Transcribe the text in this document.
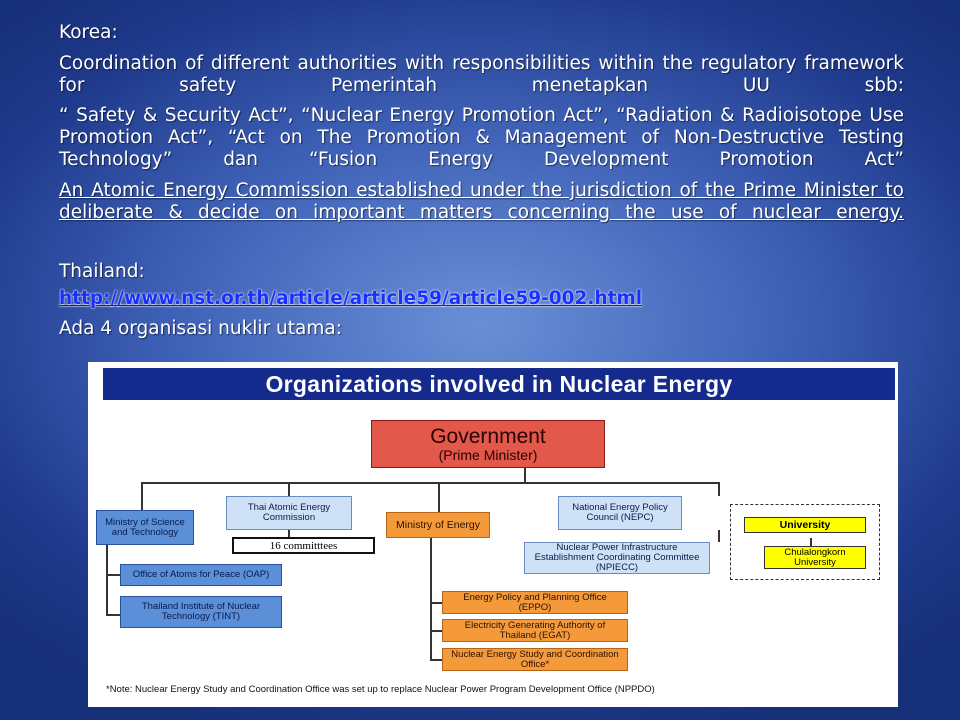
Korea:
Coordination of different authorities with responsibilities within the regulatory framework for safety Pemerintah menetapkan UU sbb:
“ Safety & Security Act”, “Nuclear Energy Promotion Act”, “Radiation & Radioisotope Use Promotion Act”, “Act on The Promotion & Management of Non-Destructive Testing Technology” dan “Fusion Energy Development Promotion Act”
An Atomic Energy Commission established under the jurisdiction of the Prime Minister to deliberate & decide on important matters concerning the use of nuclear energy.
Thailand:
http://www.nst.or.th/article/article59/article59-002.html
Ada 4 organisasi nuklir utama:
Organizations involved in Nuclear Energy
Government
(Prime Minister)
Ministry of Science and Technology
Thai Atomic Energy Commission
16 committtees
Office of Atoms for Peace (OAP)
Thailand Institute of Nuclear Technology (TINT)
Ministry of Energy
Energy Policy and Planning Office (EPPO)
Electricity Generating Authority of Thailand (EGAT)
Nuclear Energy Study and Coordination Office*
National Energy Policy Council (NEPC)
Nuclear Power Infrastructure Establishment Coordinating Committee (NPIECC)
University
Chulalongkorn University
*Note: Nuclear Energy Study and Coordination Office was set up to replace Nuclear Power Program Development Office (NPPDO)
